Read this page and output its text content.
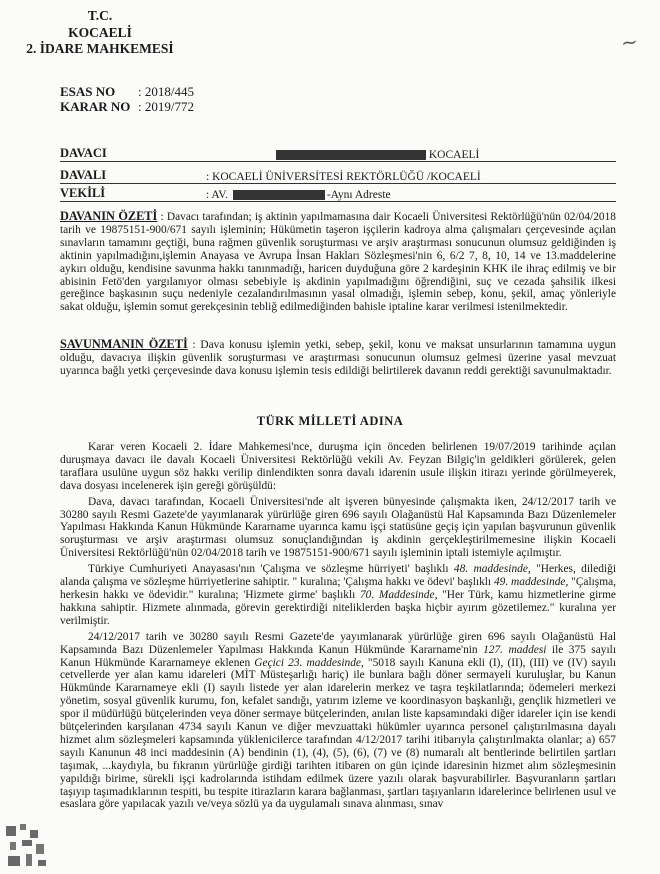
T.C.
KOCAELİ
2. İDARE MAHKEMESİ	~
ESAS NO	: 2018/445
KARAR NO : 2019/772
DAVACI	KOCAELİ
DAVALI	: KOCAELİ ÜNİVERSİTESİ REKTÖRLÜĞÜ /KOCAELİ
VEKİLİ	: AV.	-Aynı Adreste
DAVANIN ÖZETİ : Davacı tarafından; iş aktinin yapılmamasına dair Kocaeli Üniversitesi Rektörlüğü'nün 02/04/2018 tarih ve 19875151-900/671 sayılı işleminin; Hükümetin taşeron işçilerin kadroya alma çalışmaları çerçevesinde açılan sınavların tamamını geçtiği, buna rağmen güvenlik soruşturması ve arşiv araştırması sonucunun olumsuz geldiğinden iş aktinin yapılmadığını,işlemin Anayasa ve Avrupa İnsan Hakları Sözleşmesi'nin 6, 6/2 7, 8, 10, 14 ve 13.maddelerine aykırı olduğu, kendisine savunma hakkı tanınmadığı, haricen duyduğuna göre 2 kardeşinin KHK ile ihraç edilmiş ve bir abisinin Fetö'den yargılanıyor olması sebebiyle iş akdinin yapılmadığını öğrendiğini, suç ve cezada şahsilik ilkesi gereğince başkasının suçu nedeniyle cezalandırılmasının yasal olmadığı, işlemin sebep, konu, şekil, amaç yönleriyle sakat olduğu, işlemin somut gerekçesinin tebliğ edilmediğinden bahisle iptaline karar verilmesi istenilmektedir.
SAVUNMANIN ÖZETİ : Dava konusu işlemin yetki, sebep, şekil, konu ve maksat unsurlarının tamamına uygun olduğu, davacıya ilişkin güvenlik soruşturması ve araştırması sonucunun olumsuz gelmesi üzerine yasal mevzuat uyarınca bağlı yetki çerçevesinde dava konusu işlemin tesis edildiği belirtilerek davanın reddi gerektiği savunulmaktadır.
TÜRK MİLLETİ ADINA

Karar veren Kocaeli 2. İdare Mahkemesi'nce, duruşma için önceden belirlenen 19/07/2019 tarihinde açılan duruşmaya davacı ile davalı Kocaeli Üniversitesi Rektörlüğü vekili Av. Feyzan Bilgiç'in geldikleri görülerek, gelen taraflara usulüne uygun söz hakkı verilip dinlendikten sonra davalı idarenin usule ilişkin itirazı yerinde görülmeyerek, dava dosyası incelenerek işin gereği görüşüldü:

Dava, davacı tarafından, Kocaeli Üniversitesi'nde alt işveren bünyesinde çalışmakta iken, 24/12/2017 tarih ve 30280 sayılı Resmi Gazete'de yayımlanarak yürürlüğe giren 696 sayılı Olağanüstü Hal Kapsamında Bazı Düzenlemeler Yapılması Hakkında Kanun Hükmünde Kararname uyarınca kamu işçi statüsüne geçiş için yapılan başvurunun güvenlik soruşturması ve arşiv araştırması olumsuz sonuçlandığından iş akdinin gerçekleştirilmemesine ilişkin Kocaeli Üniversitesi Rektörlüğü'nün 02/04/2018 tarih ve 19875151-900/671 sayılı işleminin iptali istemiyle açılmıştır.

Türkiye Cumhuriyeti Anayasası'nın 'Çalışma ve sözleşme hürriyeti' başlıklı 48. maddesinde, "Herkes, dilediği alanda çalışma ve sözleşme hürriyetlerine sahiptir. " kuralına; 'Çalışma hakkı ve ödevi' başlıklı 49. maddesinde, "Çalışma, herkesin hakkı ve ödevidir." kuralına; 'Hizmete girme' başlıklı 70. Maddesinde, "Her Türk, kamu hizmetlerine girme hakkına sahiptir. Hizmete alınmada, görevin gerektirdiği niteliklerden başka hiçbir ayırım gözetilemez." kuralına yer verilmiştir.

24/12/2017 tarih ve 30280 sayılı Resmi Gazete'de yayımlanarak yürürlüğe giren 696 sayılı Olağanüstü Hal Kapsamında Bazı Düzenlemeler Yapılması Hakkında Kanun Hükmünde Kararname'nin 127. maddesi ile 375 sayılı Kanun Hükmünde Kararnameye eklenen Geçici 23. maddesinde, "5018 sayılı Kanuna ekli (I), (II), (III) ve (IV) sayılı cetvellerde yer alan kamu idareleri (MİT Müsteşarlığı hariç) ile bunlara bağlı döner sermayeli kuruluşlar, bu Kanun Hükmünde Kararnameye ekli (I) sayılı listede yer alan idarelerin merkez ve taşra teşkilatlarında; ödemeleri merkezi yönetim, sosyal güvenlik kurumu, fon, kefalet sandığı, yatırım izleme ve koordinasyon başkanlığı, gençlik hizmetleri ve spor il müdürlüğü bütçelerinden veya döner sermaye bütçelerinden, anılan liste kapsamındaki diğer idareler için ise kendi bütçelerinden karşılanan 4734 sayılı Kanun ve diğer mevzuattaki hükümler uyarınca personel çalıştırılmasına dayalı hizmet alım sözleşmeleri kapsamında yüklenicilerce tarafından 4/12/2017 tarihi itibarıyla çalıştırılmakta olanlar; a) 657 sayılı Kanunun 48 inci maddesinin (A) bendinin (1), (4), (5), (6), (7) ve (8) numaralı alt bentlerinde belirtilen şartları taşımak, ...kaydıyla, bu fıkranın yürürlüğe girdiği tarihten itibaren on gün içinde idaresinin hizmet alım sözleşmesinin yapıldığı birime, sürekli işçi kadrolarında istihdam edilmek üzere yazılı olarak başvurabilirler. Başvuranların şartları taşıyıp taşımadıklarının tespiti, bu tespite itirazların karara bağlanması, şartları taşıyanların idarelerince belirlenen usul ve esaslara göre yapılacak yazılı ve/veya sözlü ya da uygulamalı sınava alınması, sınav
